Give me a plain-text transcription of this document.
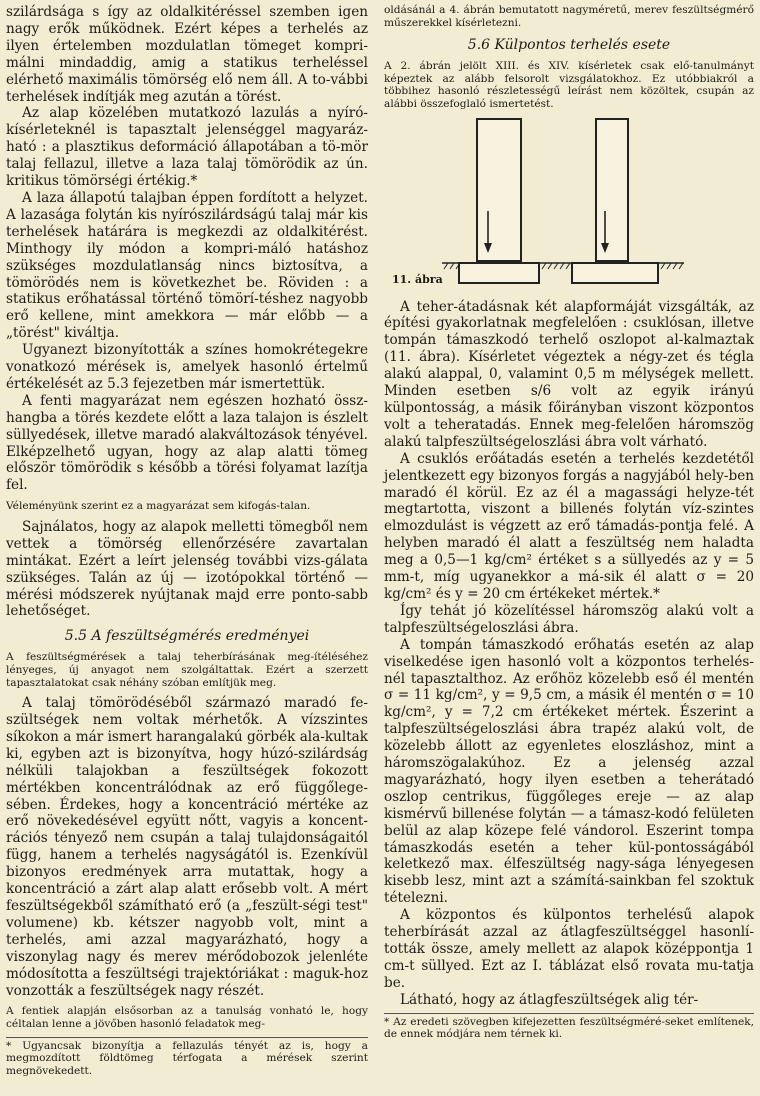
szilárdsága s így az oldalkitéréssel szemben igen nagy erők működnek. Ezért képes a terhelés az ilyen értelemben mozdulatlan tömeget kompri-málni mindaddig, amig a statikus terheléssel elérhető maximális tömörség elő nem áll. A to-vábbi terhelések indítják meg azután a törést.

Az alap közelében mutatkozó lazulás a nyíró-kísérleteknél is tapasztalt jelenséggel magyaráz-ható : a plasztikus deformáció állapotában a tö-mör talaj fellazul, illetve a laza talaj tömörödik az ún. kritikus tömörségi értékig.*

A laza állapotú talajban éppen fordított a helyzet. A lazasága folytán kis nyírószilárdságú talaj már kis terhelések határára is megkezdi az oldalkitérést. Minthogy ily módon a kompri-máló hatáshoz szükséges mozdulatlanság nincs biztosítva, a tömörödés nem is következhet be. Röviden : a statikus erőhatással történő tömörí-téshez nagyobb erő kellene, mint amekkora — már előbb — a „törést" kiváltja.

Ugyanezt bizonyították a színes homokrétegekre vonatkozó mérések is, amelyek hasonló értelmű értékelését az 5.3 fejezetben már ismertettük.

A fenti magyarázat nem egészen hozható össz-hangba a törés kezdete előtt a laza talajon is észlelt süllyedések, illetve maradó alakváltozások tényével. Elképzelhető ugyan, hogy az alap alatti tömeg először tömörödik s később a törési folyamat lazítja fel.

Véleményünk szerint ez a magyarázat sem kifogás-talan.

Sajnálatos, hogy az alapok melletti tömegből nem vettek a tömörség ellenőrzésére zavartalan mintákat. Ezért a leírt jelenség további vizs-gálata szükséges. Talán az új — izotópokkal történő — mérési módszerek nyújtanak majd erre ponto-sabb lehetőséget.

5.5 A feszültségmérés eredményei

A feszültségmérések a talaj teherbírásának meg-ítéléséhez lényeges, új anyagot nem szolgáltattak. Ezért a szerzett tapasztalatokat csak néhány szóban említjük meg.

A talaj tömörödéséből származó maradó fe-szültségek nem voltak mérhetők. A vízszintes síkokon a már ismert harangalakú görbék ala-kultak ki, egyben azt is bizonyítva, hogy húzó-szilárdság nélküli talajokban a feszültségek fokozott mértékben koncentrálódnak az erő függőlege-sében. Érdekes, hogy a koncentráció mértéke az erő növekedésével együtt nőtt, vagyis a koncent-rációs tényező nem csupán a talaj tulajdonságaitól függ, hanem a terhelés nagyságától is. Ezenkívül bizonyos eredmények arra mutattak, hogy a koncentráció a zárt alap alatt erősebb volt. A mért feszültségekből számítható erő (a „feszült-ségi test" volumene) kb. kétszer nagyobb volt, mint a terhelés, ami azzal magyarázható, hogy a viszonylag nagy és merev mérődobozok jelenléte módosította a feszültségi trajektóriákat : maguk-hoz vonzották a feszültségek nagy részét.

A fentiek alapján elsősorban az a tanulság vonható le, hogy céltalan lenne a jövőben hasonló feladatok meg-

* Ugyancsak bizonyítja a fellazulás tényét az is, hogy a megmozdított földtömeg térfogata a mérések szerint megnövekedett.

oldásánál a 4. ábrán bemutatott nagyméretű, merev feszültségmérő műszerekkel kísérletezni.

5.6 Külpontos terhelés esete

A 2. ábrán jelölt XIII. és XIV. kísérletek csak elő-tanulmányt képeztek az alább felsorolt vizsgálatokhoz. Ez utóbbiakról a többihez hasonló részletességű leírást nem közöltek, csupán az alábbi összefoglaló ismertetést.

11. ábra

A teher-átadásnak két alapformáját vizsgálták, az építési gyakorlatnak megfelelően : csuklósan, illetve tompán támaszkodó terhelő oszlopot al-kalmaztak (11. ábra). Kísérletet végeztek a négy-zet és tégla alakú alappal, 0, valamint 0,5 m mélységek mellett. Minden esetben s/6 volt az egyik irányú külpontosság, a másik főirányban viszont központos volt a teheratadás. Ennek meg-felelően háromszög alakú talpfeszültségeloszlási ábra volt várható.

A csuklós erőátadás esetén a terhelés kezdetétől jelentkezett egy bizonyos forgás a nagyjából hely-ben maradó él körül. Ez az él a magassági helyze-tét megtartotta, viszont a billenés folytán víz-szintes elmozdulást is végzett az erő támadás-pontja felé. A helyben maradó él alatt a feszültség nem haladta meg a 0,5—1 kg/cm² értéket s a süllyedés az y = 5 mm-t, míg ugyanekkor a má-sik él alatt σ = 20 kg/cm² és y = 20 cm értékeket mértek.*

Így tehát jó közelítéssel háromszög alakú volt a talpfeszültségeloszlási ábra.

A tompán támaszkodó erőhatás esetén az alap viselkedése igen hasonló volt a központos terhelés-nél tapasztalthoz. Az erőhöz közelebb eső él mentén σ = 11 kg/cm², y = 9,5 cm, a másik él mentén σ = 10 kg/cm², y = 7,2 cm értékeket mértek. Észerint a talpfeszültségeloszlási ábra trapéz alakú volt, de közelebb állott az egyenletes eloszláshoz, mint a háromszögalakúhoz. Ez a jelenség azzal magyarázható, hogy ilyen esetben a teherátadó oszlop centrikus, függőleges ereje — az alap kismérvű billenése folytán — a támasz-kodó felületen belül az alap közepe felé vándorol. Eszerint tompa támaszkodás esetén a teher kül-pontosságából keletkező max. élfeszültség nagy-sága lényegesen kisebb lesz, mint azt a számítá-sainkban fel szoktuk tételezni.

A központos és külpontos terhelésű alapok teherbírását azzal az átlagfeszültséggel hasonlí-tották össze, amely mellett az alapok középpontja 1 cm-t süllyed. Ezt az I. táblázat első rovata mu-tatja be.

Látható, hogy az átlagfeszültségek alig tér-

* Az eredeti szövegben kifejezetten feszültségméré-seket említenek, de ennek módjára nem térnek ki.
